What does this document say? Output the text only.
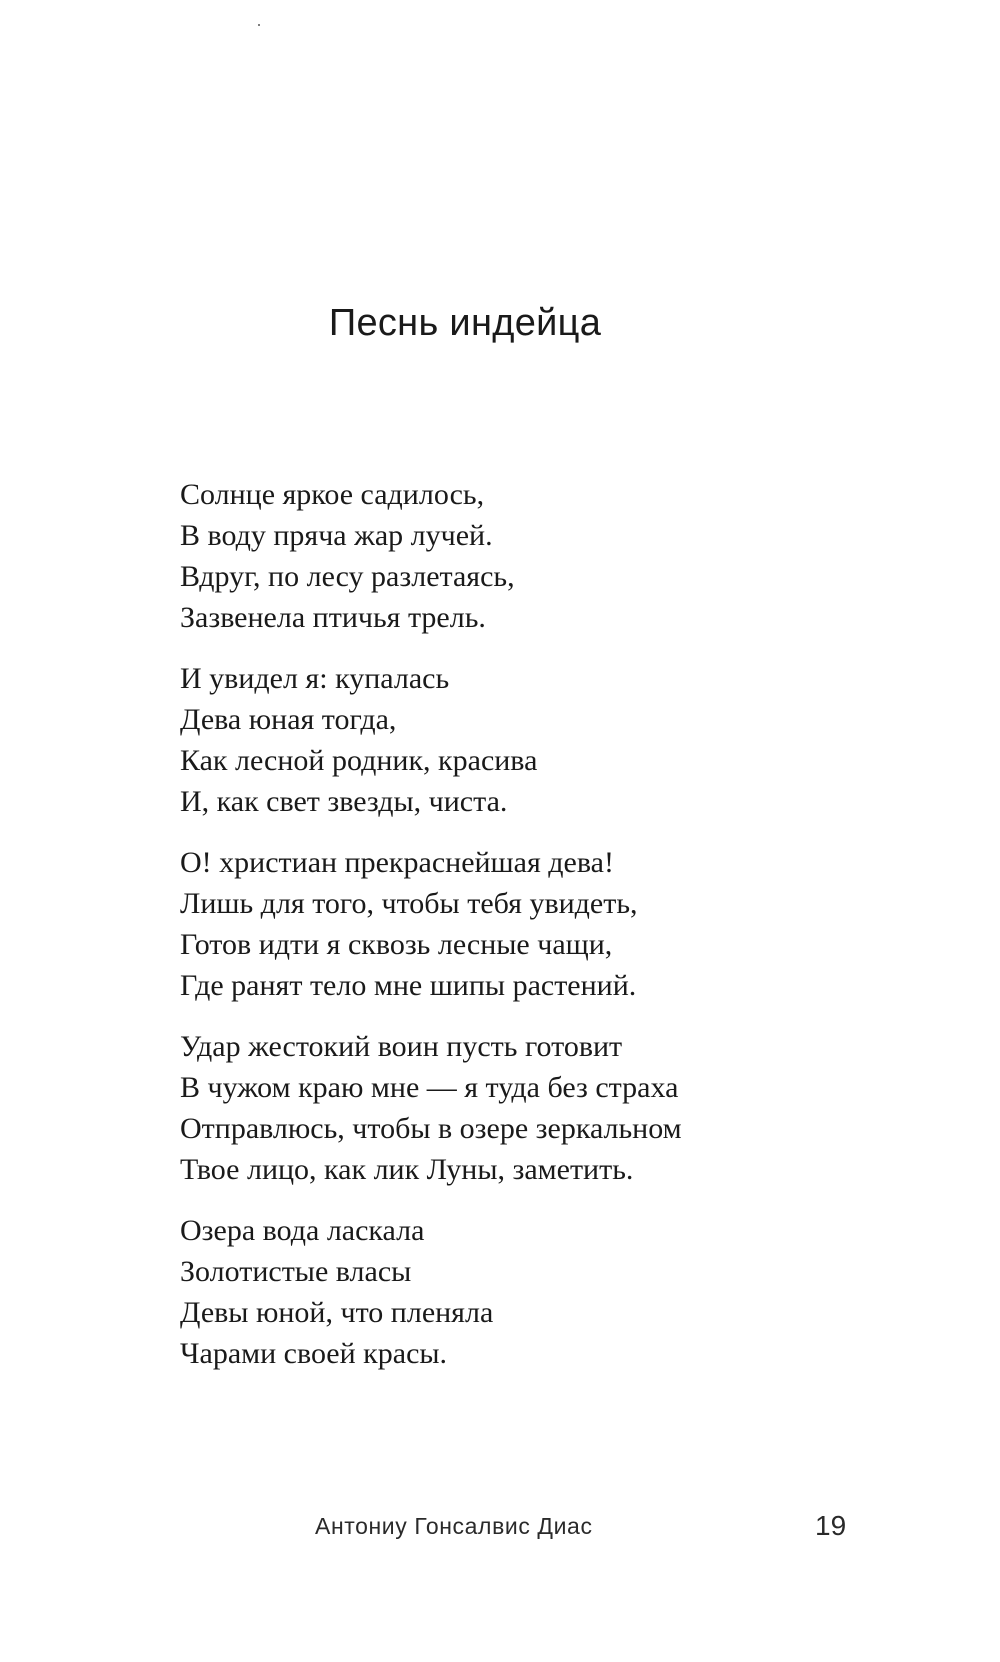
Песнь индейца
Солнце яркое садилось,
В воду пряча жар лучей.
Вдруг, по лесу разлетаясь,
Зазвенела птичья трель.
И увидел я: купалась
Дева юная тогда,
Как лесной родник, красива
И, как свет звезды, чиста.
О! христиан прекраснейшая дева!
Лишь для того, чтобы тебя увидеть,
Готов идти я сквозь лесные чащи,
Где ранят тело мне шипы растений.
Удар жестокий воин пусть готовит
В чужом краю мне — я туда без страха
Отправлюсь, чтобы в озере зеркальном
Твое лицо, как лик Луны, заметить.
Озера вода ласкала
Золотистые власы
Девы юной, что пленяла
Чарами своей красы.
Антониу Гонсалвис Диас	19
